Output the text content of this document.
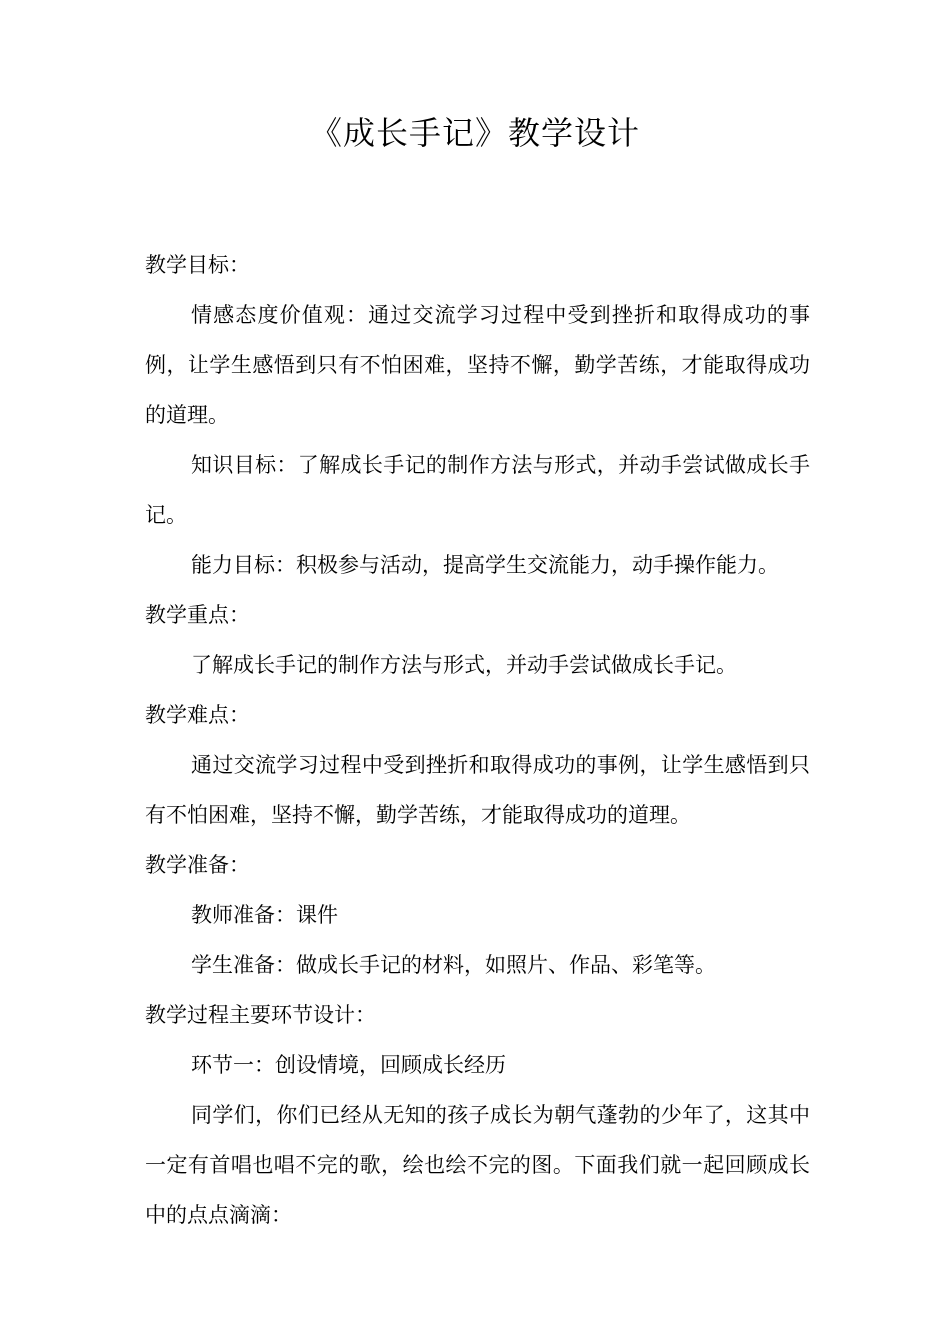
《成长手记》教学设计

教学目标：

情感态度价值观：通过交流学习过程中受到挫折和取得成功的事例，让学生感悟到只有不怕困难，坚持不懈，勤学苦练，才能取得成功的道理。

知识目标：了解成长手记的制作方法与形式，并动手尝试做成长手记。

能力目标：积极参与活动，提高学生交流能力，动手操作能力。

教学重点：

了解成长手记的制作方法与形式，并动手尝试做成长手记。

教学难点：

通过交流学习过程中受到挫折和取得成功的事例，让学生感悟到只有不怕困难，坚持不懈，勤学苦练，才能取得成功的道理。

教学准备：

教师准备：课件

学生准备：做成长手记的材料，如照片、作品、彩笔等。

教学过程主要环节设计：

环节一：创设情境，回顾成长经历

同学们，你们已经从无知的孩子成长为朝气蓬勃的少年了，这其中一定有首唱也唱不完的歌，绘也绘不完的图。下面我们就一起回顾成长中的点点滴滴：
